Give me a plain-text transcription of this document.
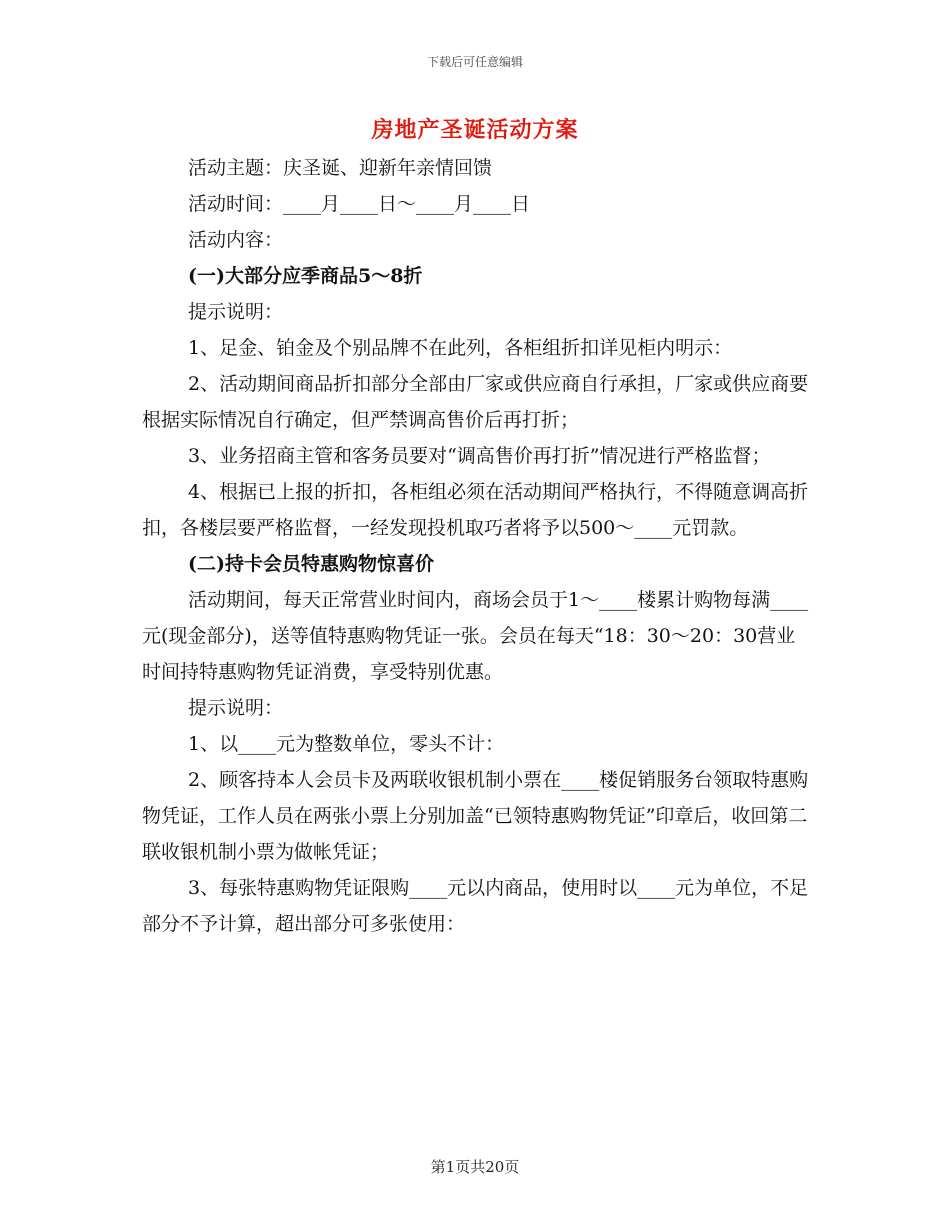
下载后可任意编辑
房地产圣诞活动方案

活动主题：庆圣诞、迎新年亲情回馈

活动时间：____月____日～____月____日

活动内容：

(一)大部分应季商品5～8折

提示说明：

1、足金、铂金及个别品牌不在此列，各柜组折扣详见柜内明示：

2、活动期间商品折扣部分全部由厂家或供应商自行承担，厂家或供应商要根据实际情况自行确定，但严禁调高售价后再打折；

3、业务招商主管和客务员要对“调高售价再打折”情况进行严格监督；

4、根据已上报的折扣，各柜组必须在活动期间严格执行，不得随意调高折扣，各楼层要严格监督，一经发现投机取巧者将予以500～____元罚款。

(二)持卡会员特惠购物惊喜价

活动期间，每天正常营业时间内，商场会员于1～____楼累计购物每满____元(现金部分)，送等值特惠购物凭证一张。会员在每天“18：30～20：30营业时间持特惠购物凭证消费，享受特别优惠。

提示说明：

1、以____元为整数单位，零头不计：

2、顾客持本人会员卡及两联收银机制小票在____楼促销服务台领取特惠购物凭证，工作人员在两张小票上分别加盖“已领特惠购物凭证”印章后，收回第二联收银机制小票为做帐凭证；

3、每张特惠购物凭证限购____元以内商品，使用时以____元为单位，不足部分不予计算，超出部分可多张使用：

第1页共20页
